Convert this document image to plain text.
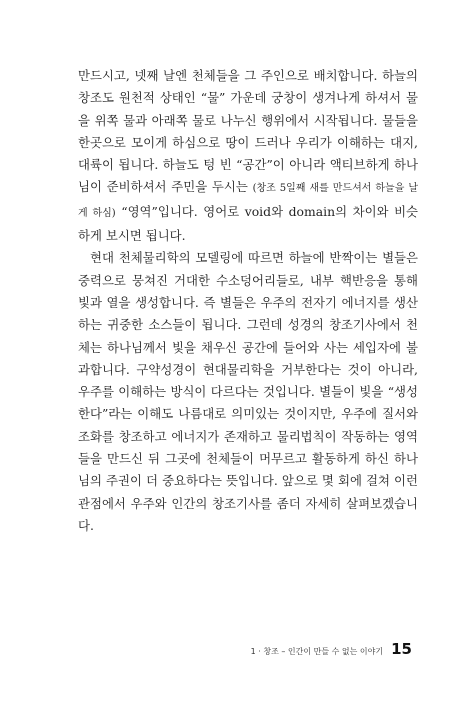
만드시고, 넷째 날엔 천체들을 그 주인으로 배치합니다. 하늘의 창조도 원천적 상태인 “물” 가운데 궁창이 생겨나게 하셔서 물을 위쪽 물과 아래쪽 물로 나누신 행위에서 시작됩니다. 물들을 한곳으로 모이게 하심으로 땅이 드러나 우리가 이해하는 대지, 대륙이 됩니다. 하늘도 텅 빈 “공간”이 아니라 액티브하게 하나님이 준비하셔서 주민을 두시는 (창조 5일째 새를 만드셔서 하늘을 날게 하심) “영역”입니다. 영어로 void와 domain의 차이와 비슷하게 보시면 됩니다.

현대 천체물리학의 모델링에 따르면 하늘에 반짝이는 별들은 중력으로 뭉쳐진 거대한 수소덩어리들로, 내부 핵반응을 통해 빛과 열을 생성합니다. 즉 별들은 우주의 전자기 에너지를 생산하는 귀중한 소스들이 됩니다. 그런데 성경의 창조기사에서 천체는 하나님께서 빛을 채우신 공간에 들어와 사는 세입자에 불과합니다. 구약성경이 현대물리학을 거부한다는 것이 아니라, 우주를 이해하는 방식이 다르다는 것입니다. 별들이 빛을 “생성한다”라는 이해도 나름대로 의미있는 것이지만, 우주에 질서와 조화를 창조하고 에너지가 존재하고 물리법칙이 작동하는 영역들을 만드신 뒤 그곳에 천체들이 머무르고 활동하게 하신 하나님의 주권이 더 중요하다는 뜻입니다. 앞으로 몇 회에 걸쳐 이런 관점에서 우주와 인간의 창조기사를 좀더 자세히 살펴보겠습니다.

1 · 창조 – 인간이 만들 수 없는 이야기 15
